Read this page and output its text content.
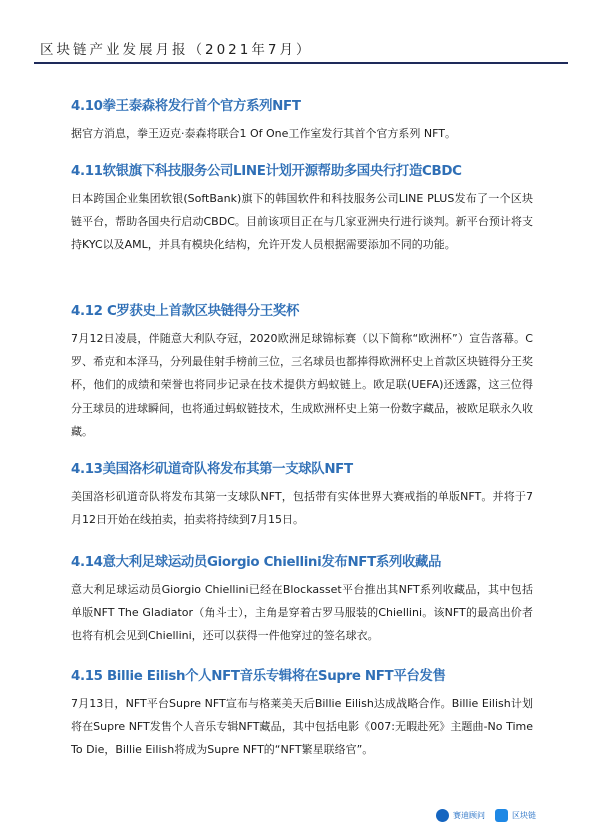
区块链产业发展月报（2021年7月）
4.10拳王泰森将发行首个官方系列NFT

据官方消息，拳王迈克·泰森将联合1 Of One工作室发行其首个官方系列 NFT。

4.11软银旗下科技服务公司LINE计划开源帮助多国央行打造CBDC

日本跨国企业集团软银(SoftBank)旗下的韩国软件和科技服务公司LINE PLUS发布了一个区块链平台，帮助各国央行启动CBDC。目前该项目正在与几家亚洲央行进行谈判。新平台预计将支持KYC以及AML，并具有模块化结构，允许开发人员根据需要添加不同的功能。

4.12 C罗获史上首款区块链得分王奖杯

7月12日凌晨，伴随意大利队夺冠，2020欧洲足球锦标赛（以下简称“欧洲杯”）宣告落幕。C罗、希克和本泽马，分列最佳射手榜前三位，三名球员也都捧得欧洲杯史上首款区块链得分王奖杯，他们的成绩和荣誉也将同步记录在技术提供方蚂蚁链上。欧足联(UEFA)还透露，这三位得分王球员的进球瞬间，也将通过蚂蚁链技术，生成欧洲杯史上第一份数字藏品，被欧足联永久收藏。

4.13美国洛杉矶道奇队将发布其第一支球队NFT

美国洛杉矶道奇队将发布其第一支球队NFT，包括带有实体世界大赛戒指的单版NFT。并将于7月12日开始在线拍卖，拍卖将持续到7月15日。

4.14意大利足球运动员Giorgio Chiellini发布NFT系列收藏品

意大利足球运动员Giorgio Chiellini已经在Blockasset平台推出其NFT系列收藏品，其中包括单版NFT The Gladiator（角斗士），主角是穿着古罗马服装的Chiellini。该NFT的最高出价者也将有机会见到Chiellini，还可以获得一件他穿过的签名球衣。

4.15 Billie Eilish个人NFT音乐专辑将在Supre NFT平台发售

7月13日，NFT平台Supre NFT宣布与格莱美天后Billie Eilish达成战略合作。Billie Eilish计划将在Supre NFT发售个人音乐专辑NFT藏品，其中包括电影《007:无暇赴死》主题曲-No Time To Die，Billie Eilish将成为Supre NFT的“NFT繁星联络官”。

赛迪顾问	区块链
